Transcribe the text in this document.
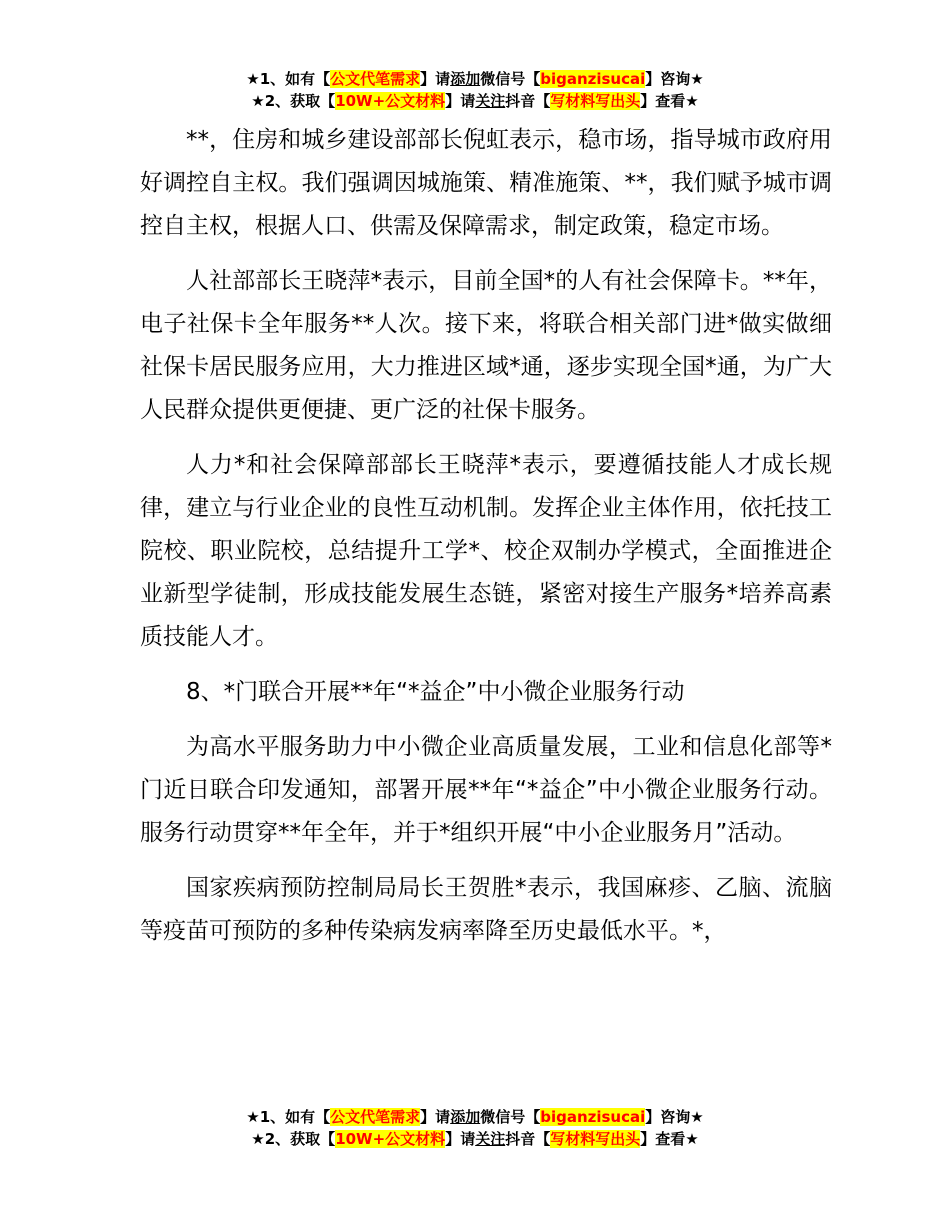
★1、如有【公文代笔需求】请添加微信号【biganzisucai】咨询★
★2、获取【10W+公文材料】请关注抖音【写材料写出头】查看★

**，住房和城乡建设部部长倪虹表示，稳市场，指导城市政府用好调控自主权。我们强调因城施策、精准施策、**，我们赋予城市调控自主权，根据人口、供需及保障需求，制定政策，稳定市场。

人社部部长王晓萍*表示，目前全国*的人有社会保障卡。**年，电子社保卡全年服务**人次。接下来，将联合相关部门进*做实做细社保卡居民服务应用，大力推进区域*通，逐步实现全国*通，为广大人民群众提供更便捷、更广泛的社保卡服务。

人力*和社会保障部部长王晓萍*表示，要遵循技能人才成长规律，建立与行业企业的良性互动机制。发挥企业主体作用，依托技工院校、职业院校，总结提升工学*、校企双制办学模式，全面推进企业新型学徒制，形成技能发展生态链，紧密对接生产服务*培养高素质技能人才。

8、*门联合开展**年“*益企”中小微企业服务行动

为高水平服务助力中小微企业高质量发展，工业和信息化部等*门近日联合印发通知，部署开展**年“*益企”中小微企业服务行动。服务行动贯穿**年全年，并于*组织开展“中小企业服务月”活动。

国家疾病预防控制局局长王贺胜*表示，我国麻疹、乙脑、流脑等疫苗可预防的多种传染病发病率降至历史最低水平。*，

★1、如有【公文代笔需求】请添加微信号【biganzisucai】咨询★
★2、获取【10W+公文材料】请关注抖音【写材料写出头】查看★
